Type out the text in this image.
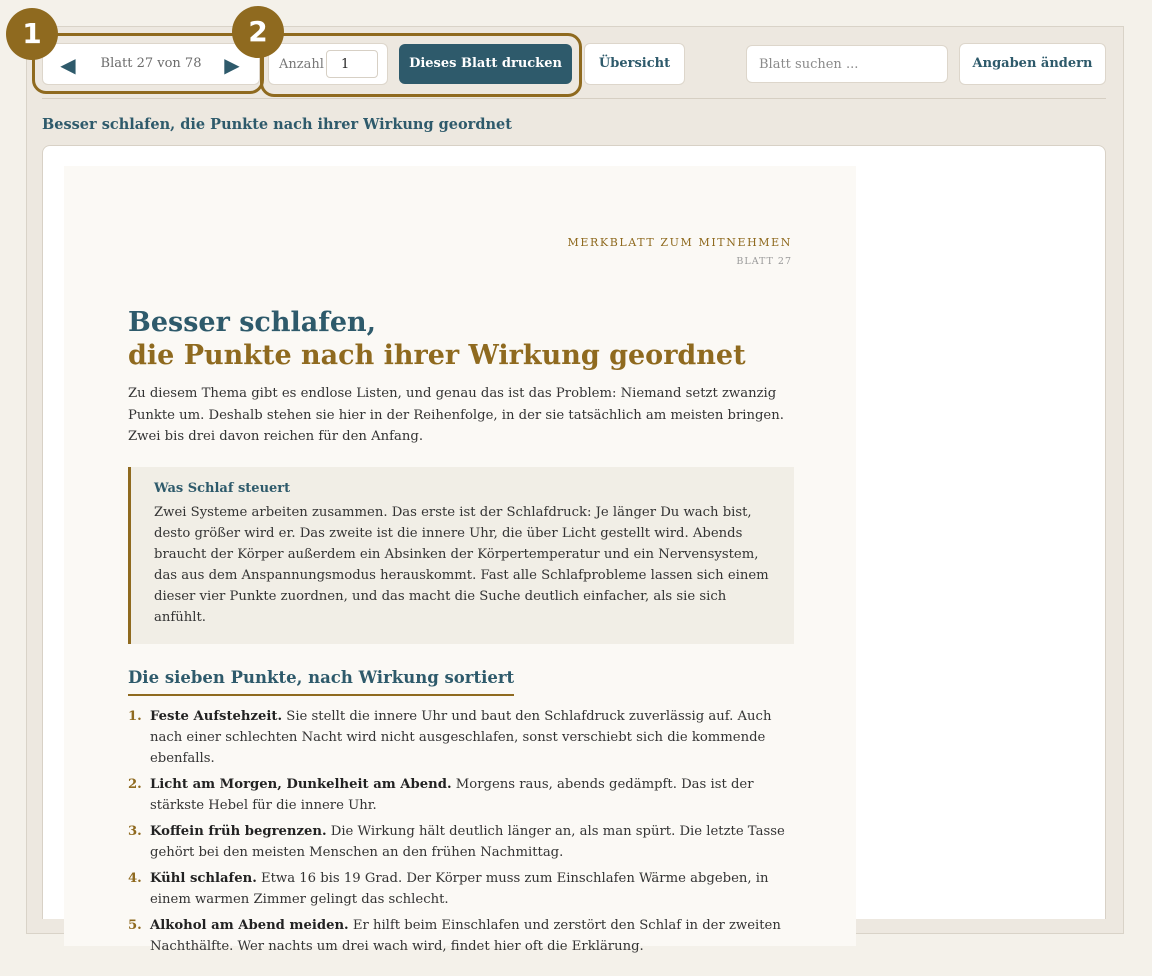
◀	Blatt 27 von 78	▶	Anzahl
1	Dieses Blatt drucken	Übersicht
Blatt suchen ...	Angaben ändern
Besser schlafen, die Punkte nach ihrer Wirkung geordnet
MERKBLATT ZUM MITNEHMEN
BLATT 27
Besser schlafen,
die Punkte nach ihrer Wirkung geordnet
Zu diesem Thema gibt es endlose Listen, und genau das ist das Problem: Niemand setzt zwanzig Punkte um. Deshalb stehen sie hier in der Reihenfolge, in der sie tatsächlich am meisten bringen. Zwei bis drei davon reichen für den Anfang.
Was Schlaf steuert
Zwei Systeme arbeiten zusammen. Das erste ist der Schlafdruck: Je länger Du wach bist, desto größer wird er. Das zweite ist die innere Uhr, die über Licht gestellt wird. Abends braucht der Körper außerdem ein Absinken der Körpertemperatur und ein Nervensystem, das aus dem Anspannungsmodus herauskommt. Fast alle Schlafprobleme lassen sich einem dieser vier Punkte zuordnen, und das macht die Suche deutlich einfacher, als sie sich anfühlt.
Die sieben Punkte, nach Wirkung sortiert
1. Feste Aufstehzeit. Sie stellt die innere Uhr und baut den Schlafdruck zuverlässig auf. Auch nach einer schlechten Nacht wird nicht ausgeschlafen, sonst verschiebt sich die kommende ebenfalls.
2. Licht am Morgen, Dunkelheit am Abend. Morgens raus, abends gedämpft. Das ist der stärkste Hebel für die innere Uhr.
3. Koffein früh begrenzen. Die Wirkung hält deutlich länger an, als man spürt. Die letzte Tasse gehört bei den meisten Menschen an den frühen Nachmittag.
4. Kühl schlafen. Etwa 16 bis 19 Grad. Der Körper muss zum Einschlafen Wärme abgeben, in einem warmen Zimmer gelingt das schlecht.
5. Alkohol am Abend meiden. Er hilft beim Einschlafen und zerstört den Schlaf in der zweiten Nachthälfte. Wer nachts um drei wach wird, findet hier oft die Erklärung.
1	2
